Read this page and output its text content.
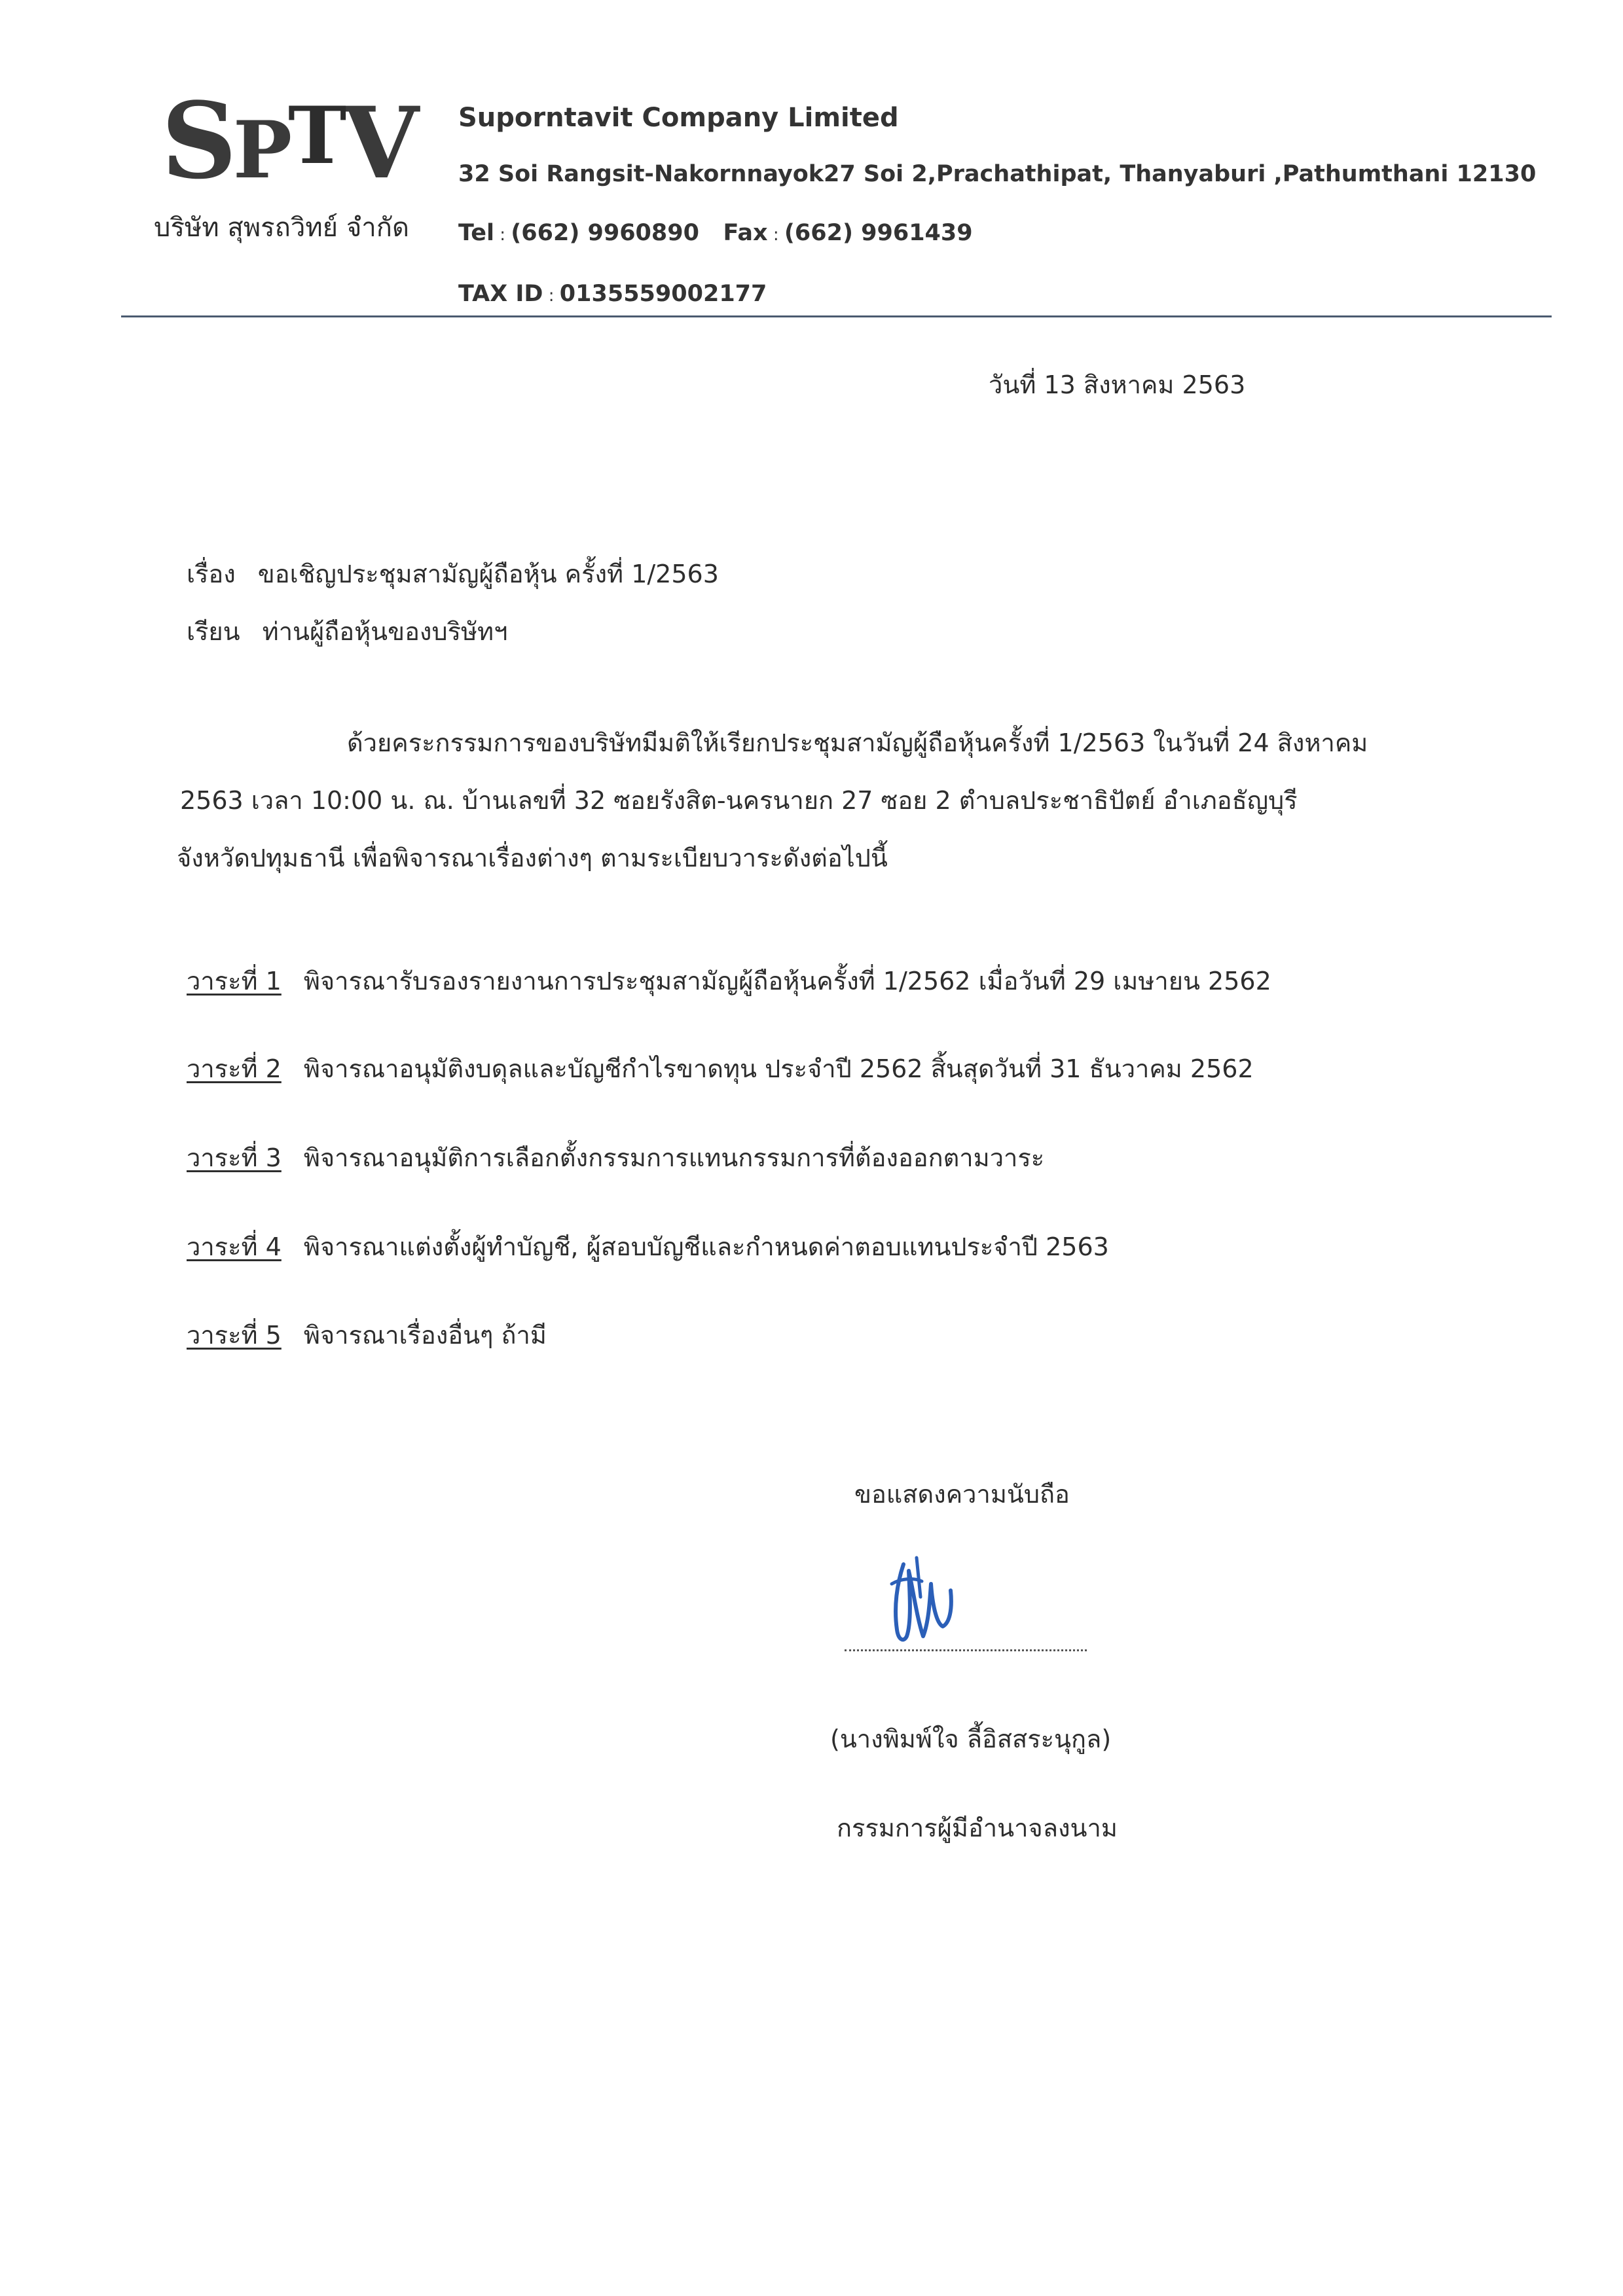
SPTV
บริษัท สุพรถวิทย์ จำกัด
Suporntavit Company Limited
32 Soi Rangsit-Nakornnayok27 Soi 2,Prachathipat, Thanyaburi ,Pathumthani 12130
Tel : (662) 9960890 Fax : (662) 9961439
TAX ID : 0135559002177
วันที่ 13 สิงหาคม 2563
เรื่อง ขอเชิญประชุมสามัญผู้ถือหุ้น ครั้งที่ 1/2563
เรียน ท่านผู้ถือหุ้นของบริษัทฯ
ด้วยคระกรรมการของบริษัทมีมติให้เรียกประชุมสามัญผู้ถือหุ้นครั้งที่ 1/2563 ในวันที่ 24 สิงหาคม
2563 เวลา 10:00 น. ณ. บ้านเลขที่ 32 ซอยรังสิต-นครนายก 27 ซอย 2 ตำบลประชาธิปัตย์ อำเภอธัญบุรี
จังหวัดปทุมธานี เพื่อพิจารณาเรื่องต่างๆ ตามระเบียบวาระดังต่อไปนี้
วาระที่ 1 พิจารณารับรองรายงานการประชุมสามัญผู้ถือหุ้นครั้งที่ 1/2562 เมื่อวันที่ 29 เมษายน 2562
วาระที่ 2 พิจารณาอนุมัติงบดุลและบัญชีกำไรขาดทุน ประจำปี 2562 สิ้นสุดวันที่ 31 ธันวาคม 2562
วาระที่ 3 พิจารณาอนุมัติการเลือกตั้งกรรมการแทนกรรมการที่ต้องออกตามวาระ
วาระที่ 4 พิจารณาแต่งตั้งผู้ทำบัญชี, ผู้สอบบัญชีและกำหนดค่าตอบแทนประจำปี 2563
วาระที่ 5 พิจารณาเรื่องอื่นๆ ถ้ามี
ขอแสดงความนับถือ
(นางพิมพ์ใจ ลี้อิสสระนุกูล)
กรรมการผู้มีอำนาจลงนาม
